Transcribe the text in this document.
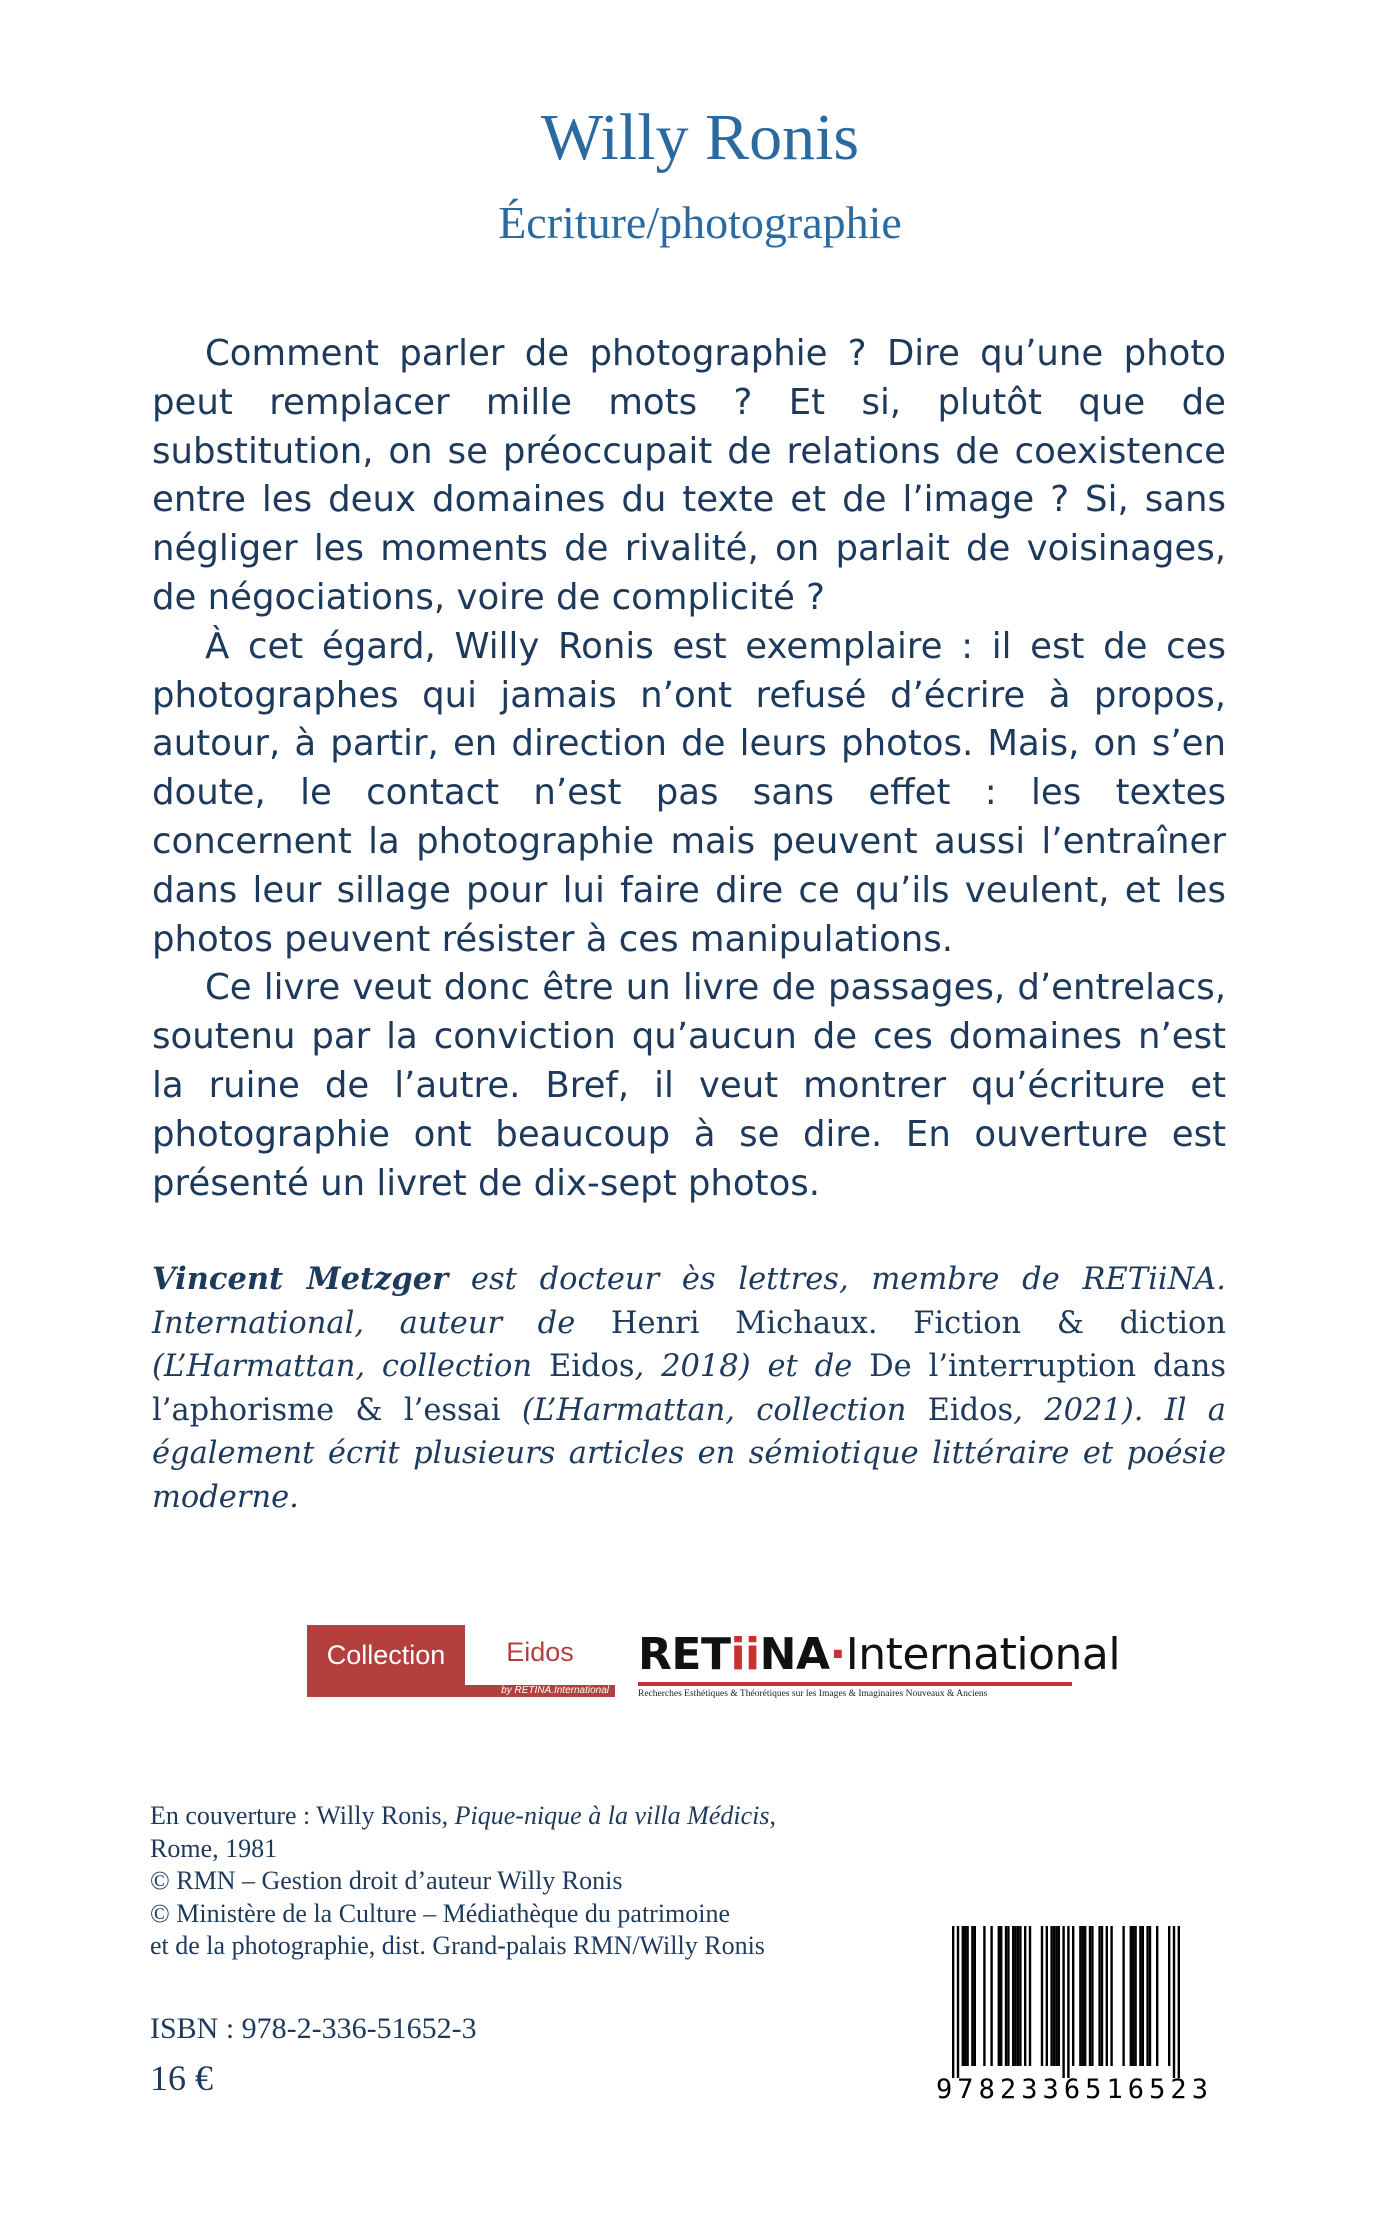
Willy Ronis
Écriture/photographie

Comment parler de photographie ? Dire qu’une photo peut remplacer mille mots ? Et si, plutôt que de substitution, on se préoccupait de relations de coexistence entre les deux domaines du texte et de l’image ? Si, sans négliger les moments de rivalité, on parlait de voisinages, de négociations, voire de complicité ?

À cet égard, Willy Ronis est exemplaire : il est de ces photographes qui jamais n’ont refusé d’écrire à propos, autour, à partir, en direction de leurs photos. Mais, on s’en doute, le contact n’est pas sans effet : les textes concernent la photographie mais peuvent aussi l’entraîner dans leur sillage pour lui faire dire ce qu’ils veulent, et les photos peuvent résister à ces manipulations.

Ce livre veut donc être un livre de passages, d’entrelacs, soutenu par la conviction qu’aucun de ces domaines n’est la ruine de l’autre. Bref, il veut montrer qu’écriture et photographie ont beaucoup à se dire. En ouverture est présenté un livret de dix-sept photos.

Vincent Metzger est docteur ès lettres, membre de RETiiNA. International, auteur de Henri Michaux. Fiction & diction (L’Harmattan, collection Eidos, 2018) et de De l’interruption dans l’aphorisme & l’essai (L’Harmattan, collection Eidos, 2021). Il a également écrit plusieurs articles en sémiotique littéraire et poésie moderne.
Collection	Eidos
by RETINA.International
RETiiNA·International
Recherches Esthétiques & Théorétiques sur les Images & Imaginaires Nouveaux & Anciens
En couverture : Willy Ronis, Pique-nique à la villa Médicis,
Rome, 1981
© RMN – Gestion droit d’auteur Willy Ronis
© Ministère de la Culture – Médiathèque du patrimoine
et de la photographie, dist. Grand-palais RMN/Willy Ronis
ISBN : 978-2-336-51652-3
16 €	9782336516523
